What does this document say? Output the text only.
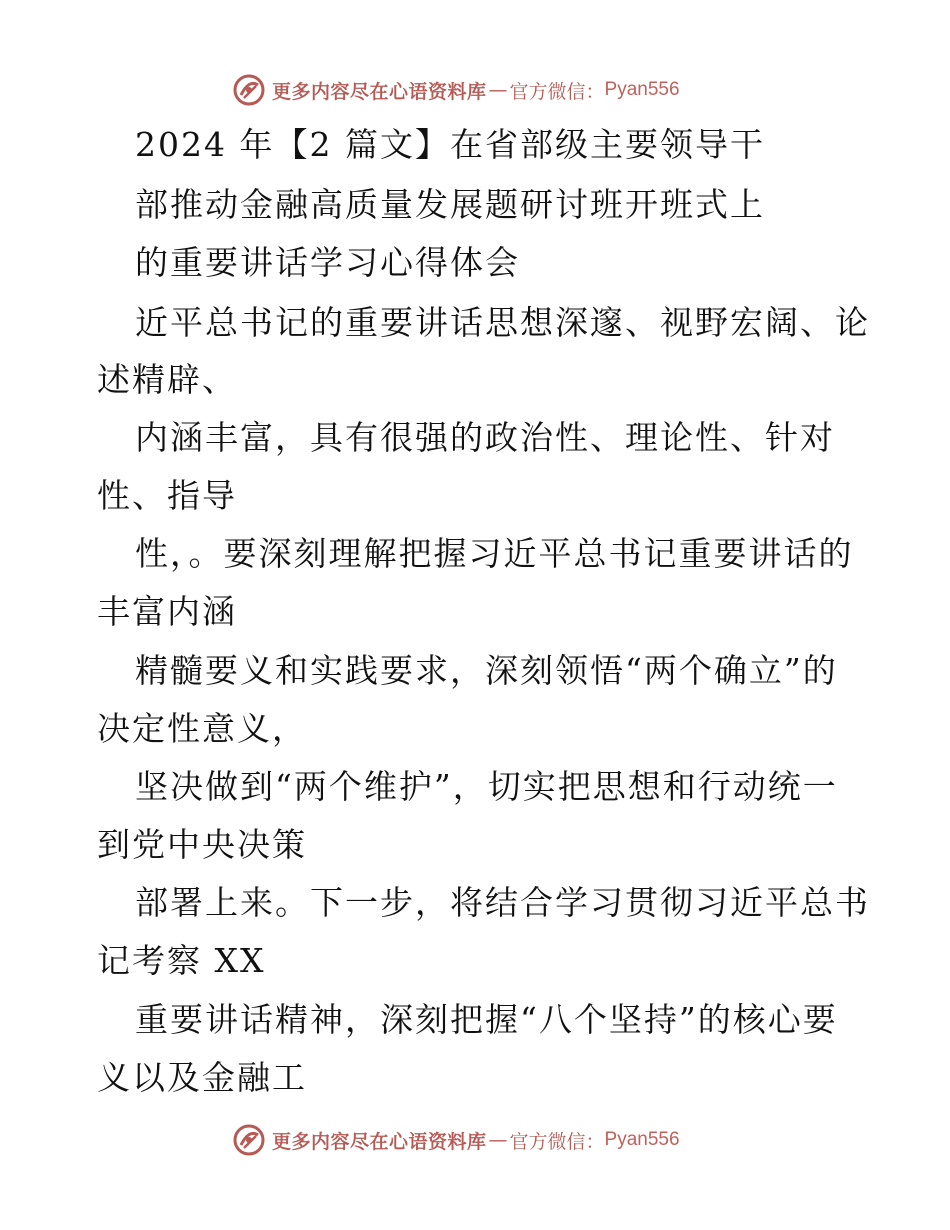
更多内容尽在心语资料库 — 官方微信： Pyan556
2024 年【2 篇文】在省部级主要领导干
部推动金融高质量发展题研讨班开班式上
的重要讲话学习心得体会
近平总书记的重要讲话思想深邃、视野宏阔、论
述精辟、
内涵丰富，具有很强的政治性、理论性、针对
性、指导
性，。要深刻理解把握习近平总书记重要讲话的
丰富内涵
精髓要义和实践要求，深刻领悟“两个确立”的
决定性意义，
坚决做到“两个维护”，切实把思想和行动统一
到党中央决策
部署上来。下一步，将结合学习贯彻习近平总书
记考察 XX
重要讲话精神，深刻把握“八个坚持”的核心要
义以及金融工
更多内容尽在心语资料库 — 官方微信： Pyan556
